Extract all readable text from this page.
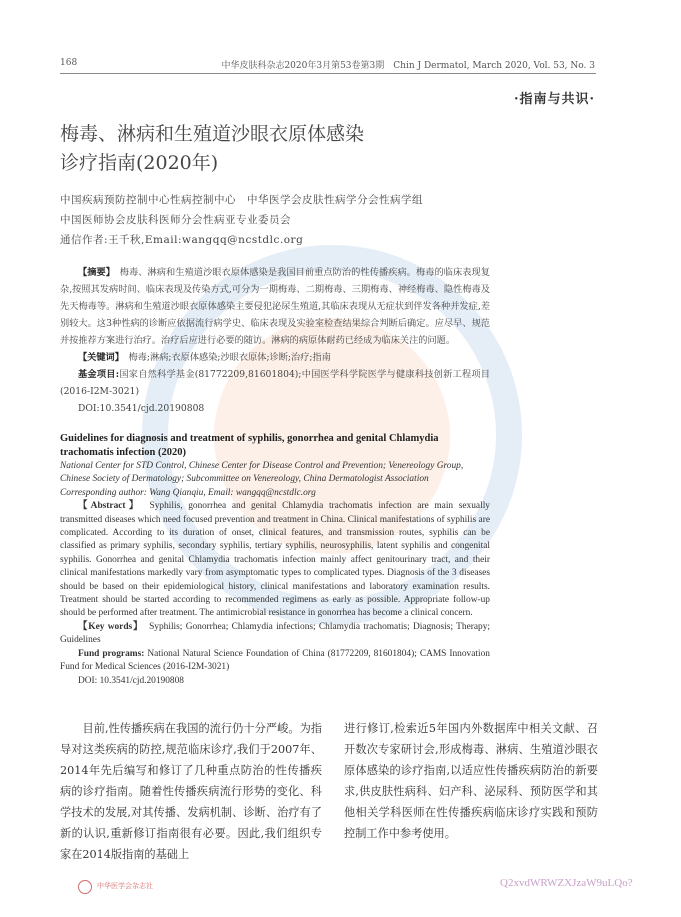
168	中华皮肤科杂志2020年3月第53卷第3期　Chin J Dermatol, March 2020, Vol. 53, No. 3
·指南与共识·
梅毒、淋病和生殖道沙眼衣原体感染
诊疗指南(2020年)
中国疾病预防控制中心性病控制中心　中华医学会皮肤性病学分会性病学组
中国医师协会皮肤科医师分会性病亚专业委员会
通信作者:王千秋,Email:wangqq@ncstdlc.org
【摘要】　梅毒、淋病和生殖道沙眼衣原体感染是我国目前重点防治的性传播疾病。梅毒的临床表现复杂,按照其发病时间、临床表现及传染方式,可分为一期梅毒、二期梅毒、三期梅毒、神经梅毒、隐性梅毒及先天梅毒等。淋病和生殖道沙眼衣原体感染主要侵犯泌尿生殖道,其临床表现从无症状到伴发各种并发症,差别较大。这3种性病的诊断应依据流行病学史、临床表现及实验室检查结果综合判断后确定。应尽早、规范并按推荐方案进行治疗。治疗后应进行必要的随访。淋病的病原体耐药已经成为临床关注的问题。
【关键词】　梅毒;淋病;衣原体感染;沙眼衣原体;诊断;治疗;指南
基金项目:国家自然科学基金(81772209,81601804);中国医学科学院医学与健康科技创新工程项目(2016-I2M-3021)
DOI:10.3541/cjd.20190808
Guidelines for diagnosis and treatment of syphilis, gonorrhea and genital Chlamydia trachomatis infection (2020)
National Center for STD Control, Chinese Center for Disease Control and Prevention; Venereology Group, Chinese Society of Dermatology; Subcommittee on Venereology, China Dermatologist Association
Corresponding author: Wang Qianqiu, Email: wangqq@ncstdlc.org
【Abstract】　Syphilis, gonorrhea and genital Chlamydia trachomatis infection are main sexually transmitted diseases which need focused prevention and treatment in China. Clinical manifestations of syphilis are complicated. According to its duration of onset, clinical features, and transmission routes, syphilis can be classified as primary syphilis, secondary syphilis, tertiary syphilis, neurosyphilis, latent syphilis and congenital syphilis. Gonorrhea and genital Chlamydia trachomatis infection mainly affect genitourinary tract, and their clinical manifestations markedly vary from asymptomatic types to complicated types. Diagnosis of the 3 diseases should be based on their epidemiological history, clinical manifestations and laboratory examination results. Treatment should be started according to recommended regimens as early as possible. Appropriate follow-up should be performed after treatment. The antimicrobial resistance in gonorrhea has become a clinical concern.
【Key words】　Syphilis; Gonorrhea; Chlamydia infections; Chlamydia trachomatis; Diagnosis; Therapy; Guidelines
Fund programs: National Natural Science Foundation of China (81772209, 81601804); CAMS Innovation Fund for Medical Sciences (2016-I2M-3021)
DOI: 10.3541/cjd.20190808
　　目前,性传播疾病在我国的流行仍十分严峻。为指导对这类疾病的防控,规范临床诊疗,我们于2007年、2014年先后编写和修订了几种重点防治的性传播疾病的诊疗指南。随着性传播疾病流行形势的变化、科学技术的发展,对其传播、发病机制、诊断、治疗有了新的认识,重新修订指南很有必要。因此,我们组织专家在2014版指南的基础上
进行修订,检索近5年国内外数据库中相关文献、召开数次专家研讨会,形成梅毒、淋病、生殖道沙眼衣原体感染的诊疗指南,以适应性传播疾病防治的新要求,供皮肤性病科、妇产科、泌尿科、预防医学和其他相关学科医师在性传播疾病临床诊疗实践和预防控制工作中参考使用。
中华医学会杂志社	Q2xvdWRWZXJzaW9uLQo?
